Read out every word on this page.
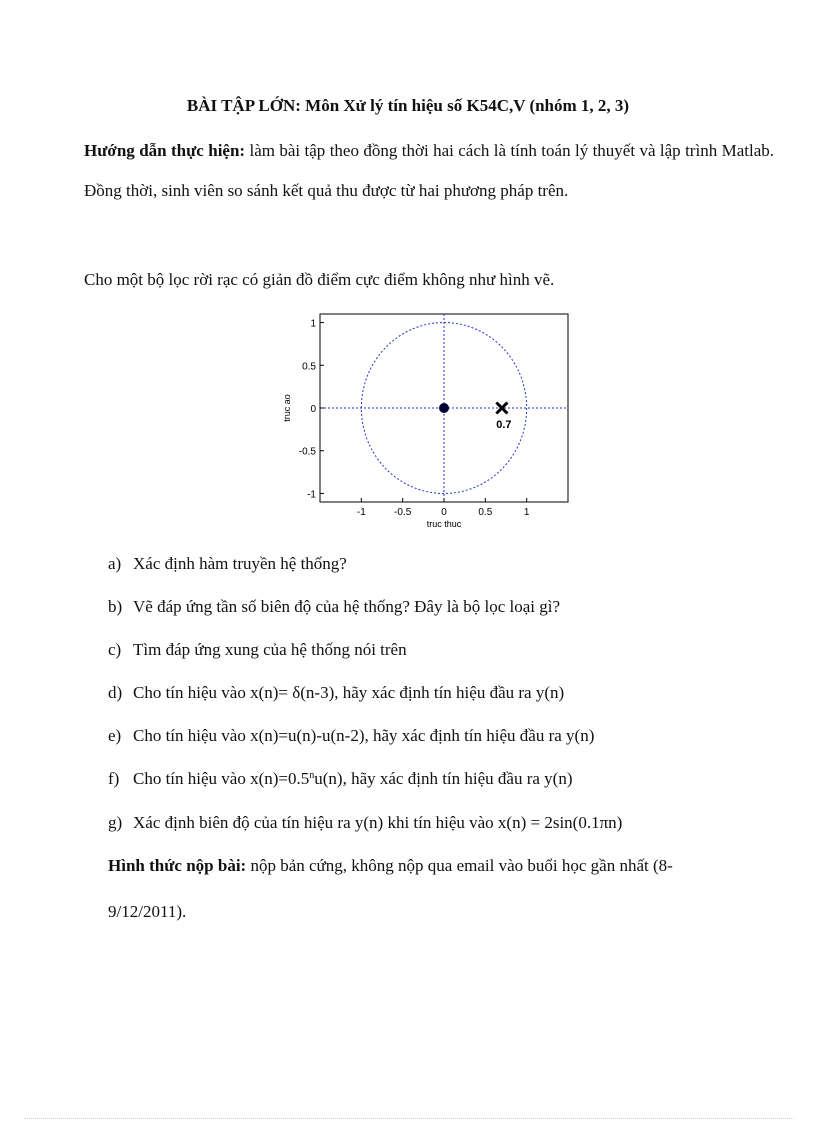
BÀI TẬP LỚN: Môn Xử lý tín hiệu số K54C,V (nhóm 1, 2, 3)
Hướng dẫn thực hiện: làm bài tập theo đồng thời hai cách là tính toán lý thuyết và lập trình Matlab. Đồng thời, sinh viên so sánh kết quả thu được từ hai phương pháp trên.
Cho một bộ lọc rời rạc có giản đồ điểm cực điểm không như hình vẽ.
-1	-0.5	0	0.5	1
1
0.5
0
-0.5
-1
truc thuc
truc ao
0.7
a) Xác định hàm truyền hệ thống?
b) Vẽ đáp ứng tần số biên độ của hệ thống? Đây là bộ lọc loại gì?
c) Tìm đáp ứng xung của hệ thống nói trên
d) Cho tín hiệu vào x(n)= δ(n-3), hãy xác định tín hiệu đầu ra y(n)
e) Cho tín hiệu vào x(n)=u(n)-u(n-2), hãy xác định tín hiệu đầu ra y(n)
f) Cho tín hiệu vào $x(n)=0.5^nu(n)$, hãy xác định tín hiệu đầu ra y(n)
g) Xác định biên độ của tín hiệu ra y(n) khi tín hiệu vào x(n) = 2sin(0.1πn)
Hình thức nộp bài: nộp bản cứng, không nộp qua email vào buổi học gần nhất (8-
9/12/2011).
